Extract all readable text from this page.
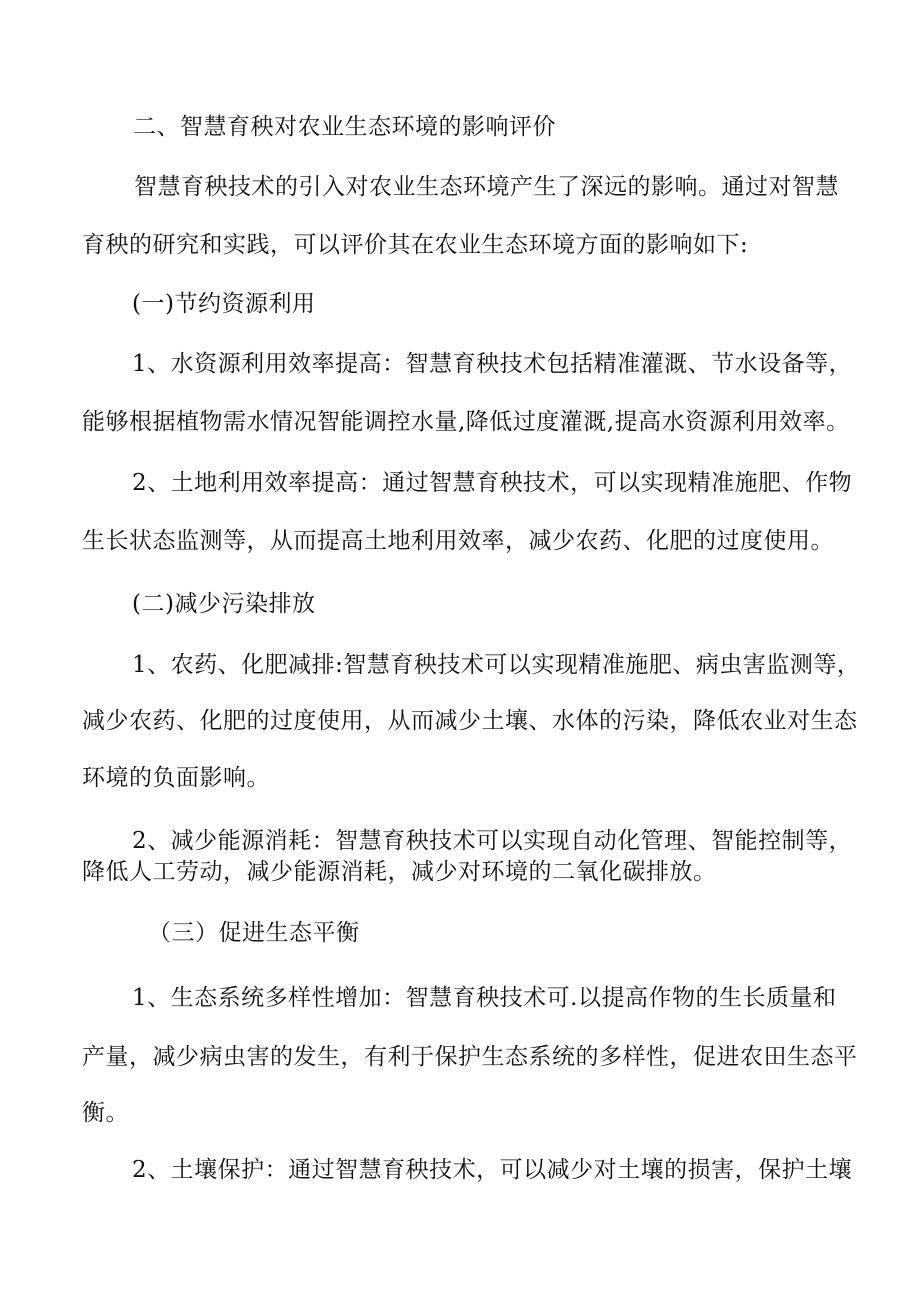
二、智慧育秧对农业生态环境的影响评价
智慧育秧技术的引入对农业生态环境产生了深远的影响。通过对智慧
育秧的研究和实践，可以评价其在农业生态环境方面的影响如下:
(一)节约资源利用
1、水资源利用效率提高：智慧育秧技术包括精准灌溉、节水设备等，
能够根据植物需水情况智能调控水量,降低过度灌溉,提高水资源利用效率。
2、土地利用效率提高：通过智慧育秧技术，可以实现精准施肥、作物
生长状态监测等，从而提高土地利用效率，减少农药、化肥的过度使用。
(二)减少污染排放
1、农药、化肥减排:智慧育秧技术可以实现精准施肥、病虫害监测等，
减少农药、化肥的过度使用，从而减少土壤、水体的污染，降低农业对生态
环境的负面影响。
2、减少能源消耗：智慧育秧技术可以实现自动化管理、智能控制等，
降低人工劳动，减少能源消耗，减少对环境的二氧化碳排放。
（三）促进生态平衡
1、生态系统多样性增加：智慧育秧技术可.以提高作物的生长质量和
产量，减少病虫害的发生，有利于保护生态系统的多样性，促进农田生态平
衡。
2、土壤保护：通过智慧育秧技术，可以减少对土壤的损害，保护土壤
